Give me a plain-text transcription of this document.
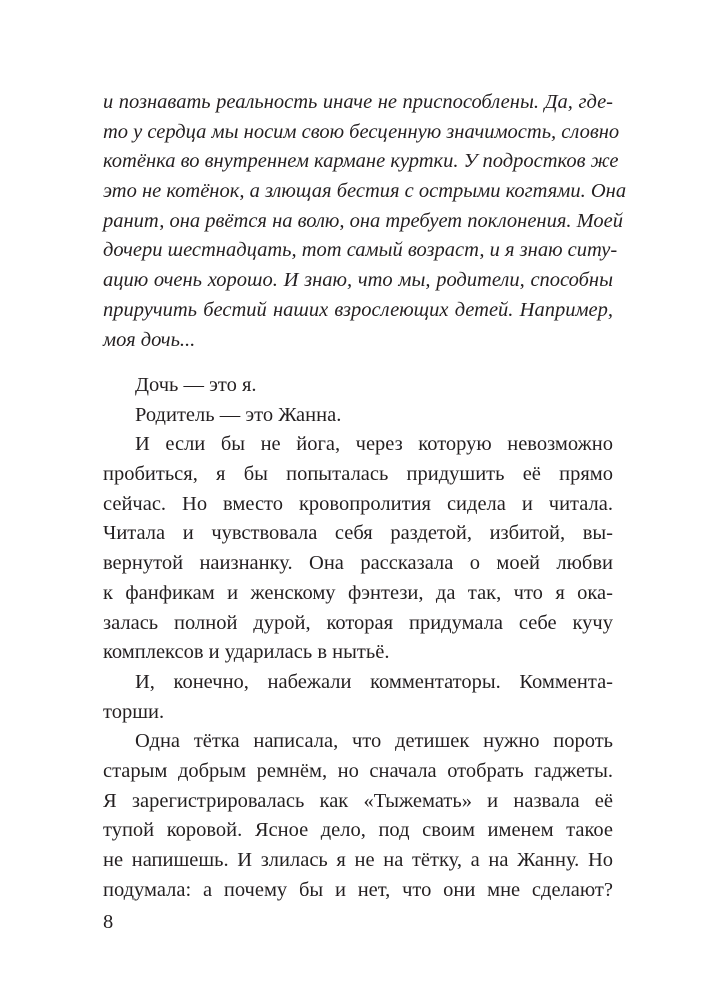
и познавать реальность иначе не приспособлены. Да, где-
то у сердца мы носим свою бесценную значимость, словно
котёнка во внутреннем кармане куртки. У подростков же
это не котёнок, а злющая бестия с острыми когтями. Она
ранит, она рвётся на волю, она требует поклонения. Моей
дочери шестнадцать, тот самый возраст, и я знаю ситу-
ацию очень хорошо. И знаю, что мы, родители, способны
приручить бестий наших взрослеющих детей. Например,
моя дочь...
Дочь — это я.
Родитель — это Жанна.
И если бы не йога, через которую невозможно
пробиться, я бы попыталась придушить её прямо
сейчас. Но вместо кровопролития сидела и читала.
Читала и чувствовала себя раздетой, избитой, вы-
вернутой наизнанку. Она рассказала о моей любви
к фанфикам и женскому фэнтези, да так, что я ока-
залась полной дурой, которая придумала себе кучу
комплексов и ударилась в нытьё.
И, конечно, набежали комментаторы. Коммента-
торши.
Одна тётка написала, что детишек нужно пороть
старым добрым ремнём, но сначала отобрать гаджеты.
Я зарегистрировалась как «Тыжемать» и назвала её
тупой коровой. Ясное дело, под своим именем такое
не напишешь. И злилась я не на тётку, а на Жанну. Но
подумала: а почему бы и нет, что они мне сделают?
8
